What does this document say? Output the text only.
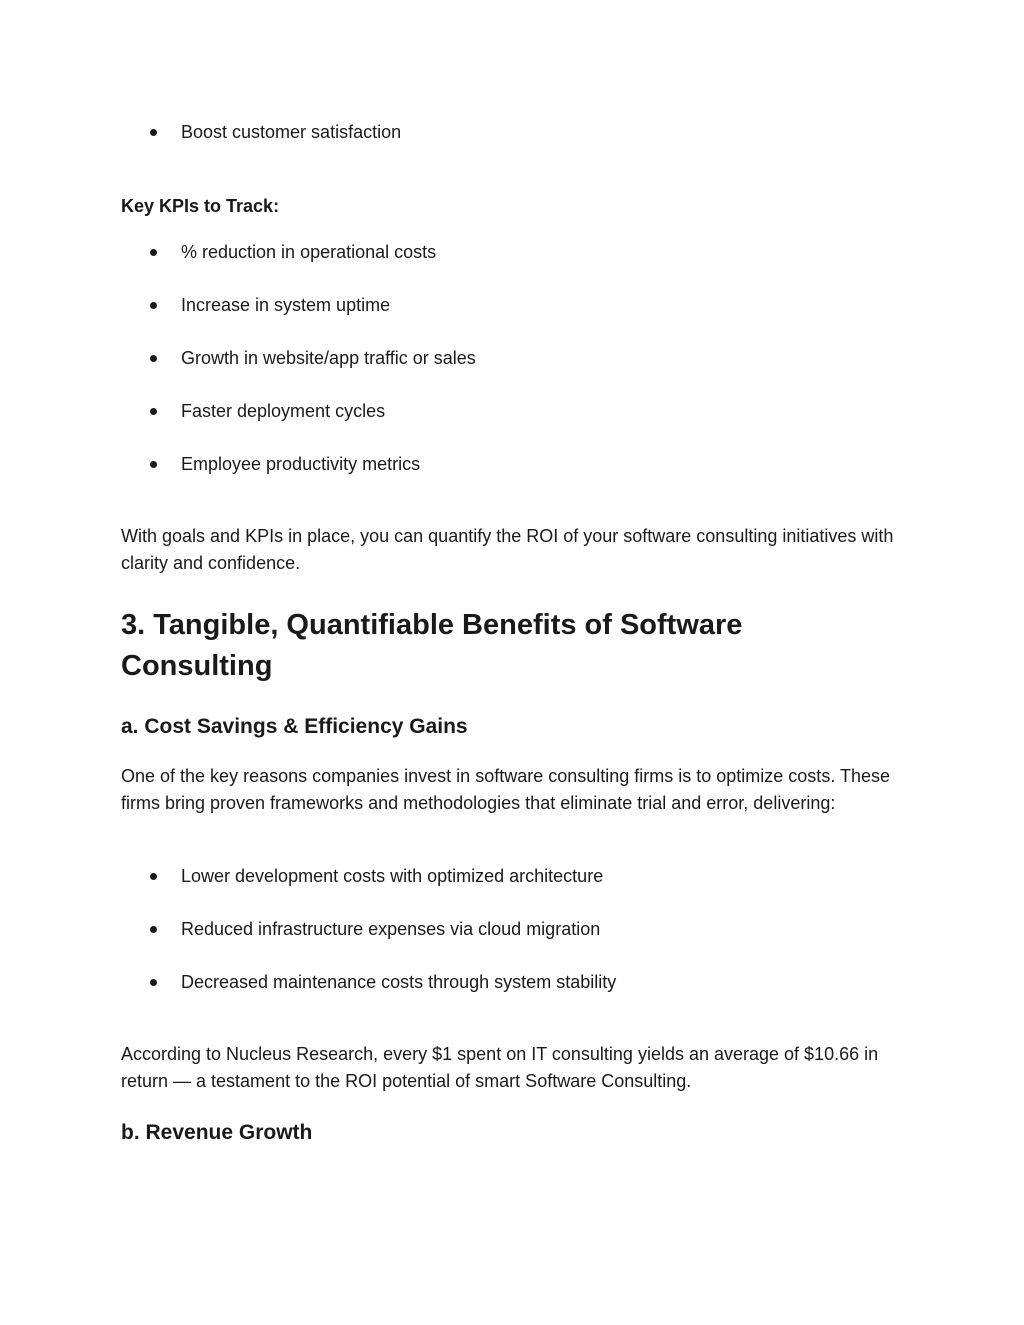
Boost customer satisfaction
Key KPIs to Track:
% reduction in operational costs
Increase in system uptime
Growth in website/app traffic or sales
Faster deployment cycles
Employee productivity metrics

With goals and KPIs in place, you can quantify the ROI of your software consulting initiatives with clarity and confidence.

3. Tangible, Quantifiable Benefits of Software Consulting
a. Cost Savings & Efficiency Gains

One of the key reasons companies invest in software consulting firms is to optimize costs. These firms bring proven frameworks and methodologies that eliminate trial and error, delivering:

Lower development costs with optimized architecture
Reduced infrastructure expenses via cloud migration
Decreased maintenance costs through system stability

According to Nucleus Research, every $1 spent on IT consulting yields an average of $10.66 in return — a testament to the ROI potential of smart Software Consulting.

b. Revenue Growth
